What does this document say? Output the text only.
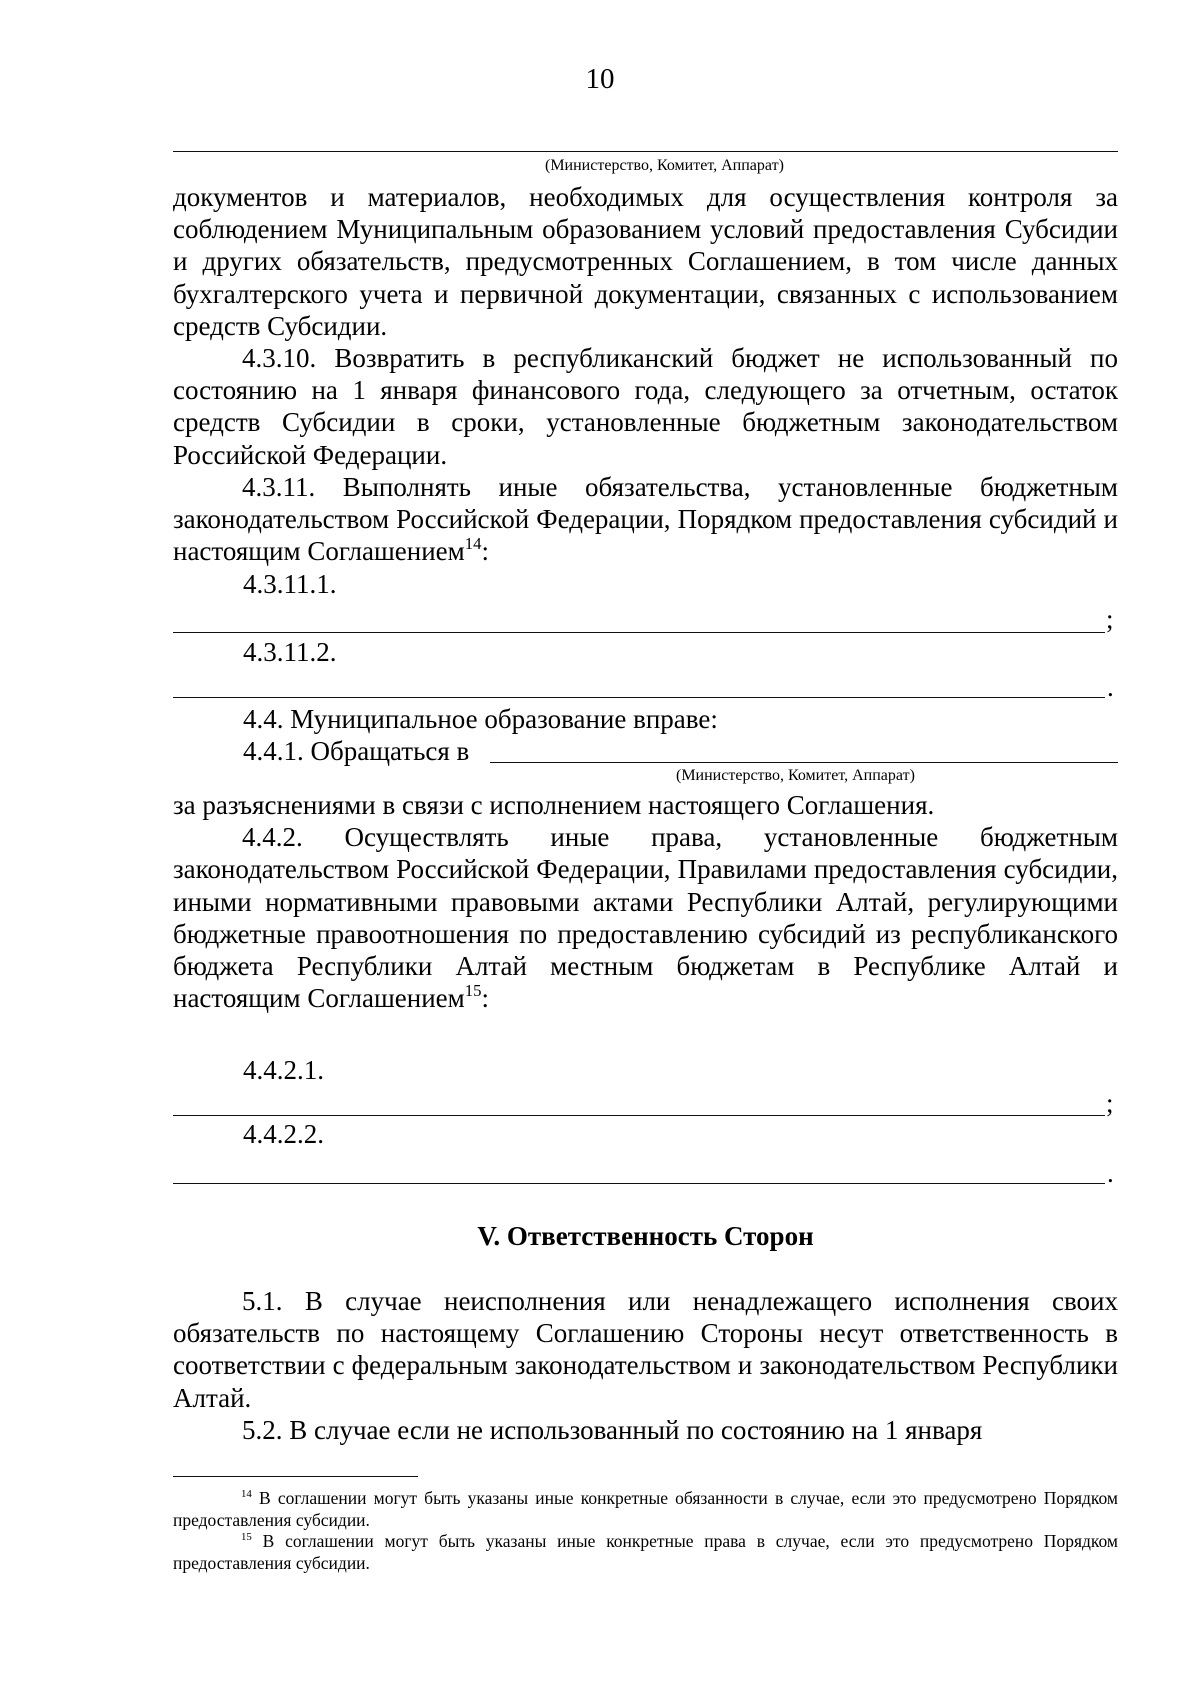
10
(Министерство, Комитет, Аппарат)

документов и материалов, необходимых для осуществления контроля за соблюдением Муниципальным образованием условий предоставления Субсидии и других обязательств, предусмотренных Соглашением, в том числе данных бухгалтерского учета и первичной документации, связанных с использованием средств Субсидии.

4.3.10. Возвратить в республиканский бюджет не использованный по состоянию на 1 января финансового года, следующего за отчетным, остаток средств Субсидии в сроки, установленные бюджетным законодательством Российской Федерации.

4.3.11. Выполнять иные обязательства, установленные бюджетным законодательством Российской Федерации, Порядком предоставления субсидий и настоящим Соглашением$^{14}$:

4.3.11.1.
;
4.3.11.2.
.
4.4. Муниципальное образование вправе:
4.4.1. Обращаться в
(Министерство, Комитет, Аппарат)

за разъяснениями в связи с исполнением настоящего Соглашения.

4.4.2. Осуществлять иные права, установленные бюджетным законодательством Российской Федерации, Правилами предоставления субсидии, иными нормативными правовыми актами Республики Алтай, регулирующими бюджетные правоотношения по предоставлению субсидий из республиканского бюджета Республики Алтай местным бюджетам в Республике Алтай и настоящим Соглашением$^{15}$:

4.4.2.1.
;
4.4.2.2.
.
V. Ответственность Сторон

5.1. В случае неисполнения или ненадлежащего исполнения своих обязательств по настоящему Соглашению Стороны несут ответственность в соответствии с федеральным законодательством и законодательством Республики Алтай.

5.2. В случае если не использованный по состоянию на 1 января

$^{14}$ В соглашении могут быть указаны иные конкретные обязанности в случае, если это предусмотрено Порядком предоставления субсидии.

$^{15}$ В соглашении могут быть указаны иные конкретные права в случае, если это предусмотрено Порядком предоставления субсидии.
